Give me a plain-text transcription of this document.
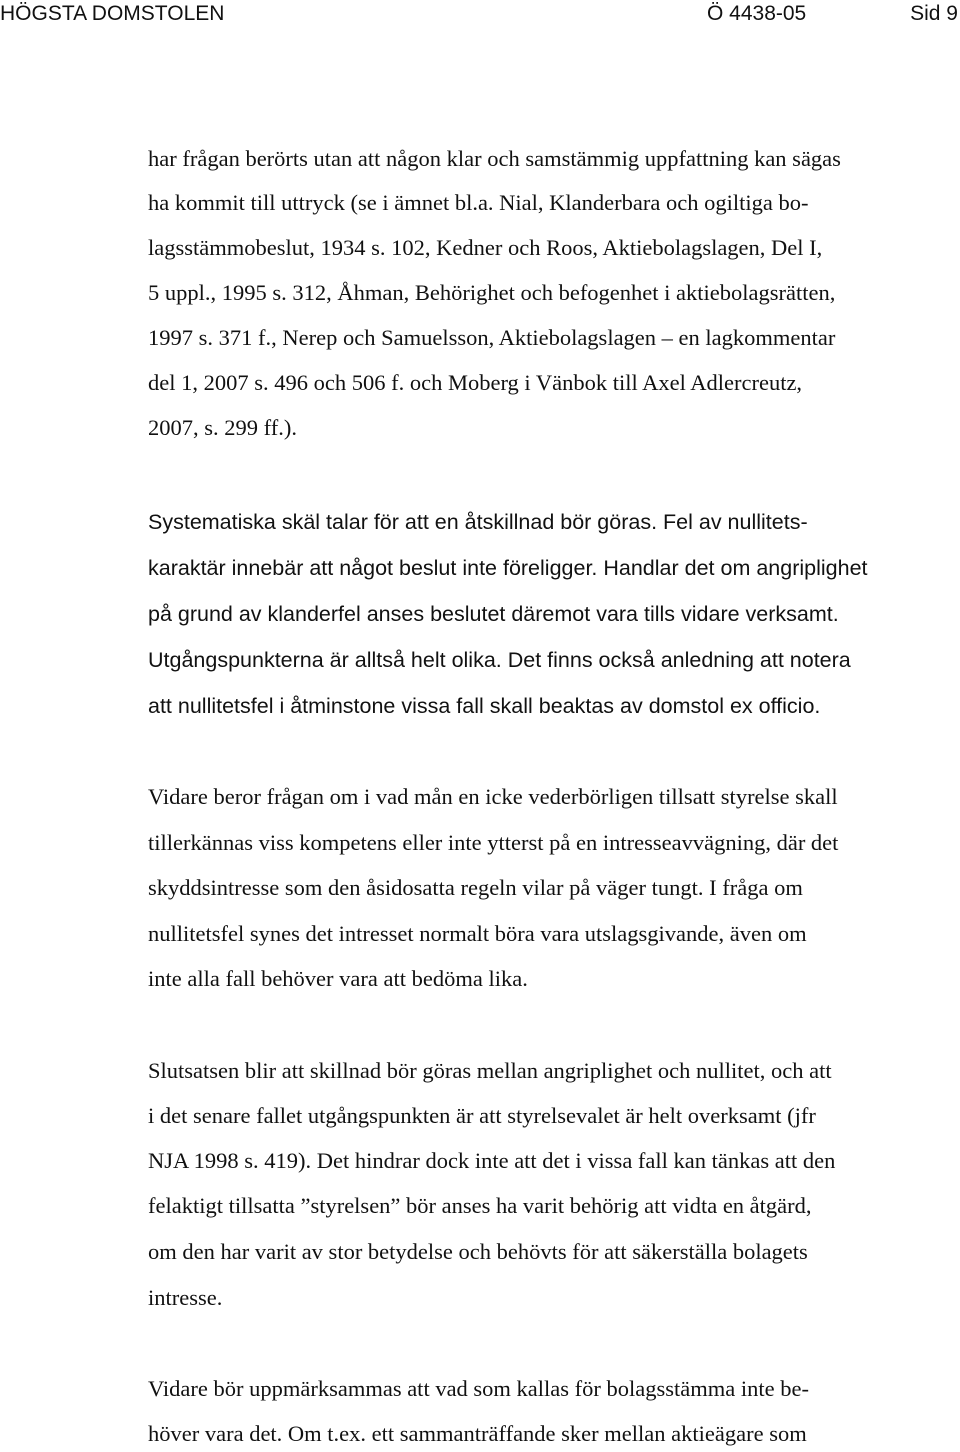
HÖGSTA DOMSTOLEN	Ö 4438-05	Sid 9
har frågan berörts utan att någon klar och samstämmig uppfattning kan sägas
ha kommit till uttryck (se i ämnet bl.a. Nial, Klanderbara och ogiltiga bo-
lagsstämmobeslut, 1934 s. 102, Kedner och Roos, Aktiebolagslagen, Del I,
5 uppl., 1995 s. 312, Åhman, Behörighet och befogenhet i aktiebolagsrätten,
1997 s. 371 f., Nerep och Samuelsson, Aktiebolagslagen – en lagkommentar
del 1, 2007 s. 496 och 506 f. och Moberg i Vänbok till Axel Adlercreutz,
2007, s. 299 ff.).
Systematiska skäl talar för att en åtskillnad bör göras. Fel av nullitets-
karaktär innebär att något beslut inte föreligger. Handlar det om angriplighet
på grund av klanderfel anses beslutet däremot vara tills vidare verksamt.
Utgångspunkterna är alltså helt olika. Det finns också anledning att notera
att nullitetsfel i åtminstone vissa fall skall beaktas av domstol ex officio.
Vidare beror frågan om i vad mån en icke vederbörligen tillsatt styrelse skall
tillerkännas viss kompetens eller inte ytterst på en intresseavvägning, där det
skyddsintresse som den åsidosatta regeln vilar på väger tungt. I fråga om
nullitetsfel synes det intresset normalt böra vara utslagsgivande, även om
inte alla fall behöver vara att bedöma lika.
Slutsatsen blir att skillnad bör göras mellan angriplighet och nullitet, och att
i det senare fallet utgångspunkten är att styrelsevalet är helt overksamt (jfr
NJA 1998 s. 419). Det hindrar dock inte att det i vissa fall kan tänkas att den
felaktigt tillsatta ”styrelsen” bör anses ha varit behörig att vidta en åtgärd,
om den har varit av stor betydelse och behövts för att säkerställa bolagets
intresse.
Vidare bör uppmärksammas att vad som kallas för bolagsstämma inte be-
höver vara det. Om t.ex. ett sammanträffande sker mellan aktieägare som
